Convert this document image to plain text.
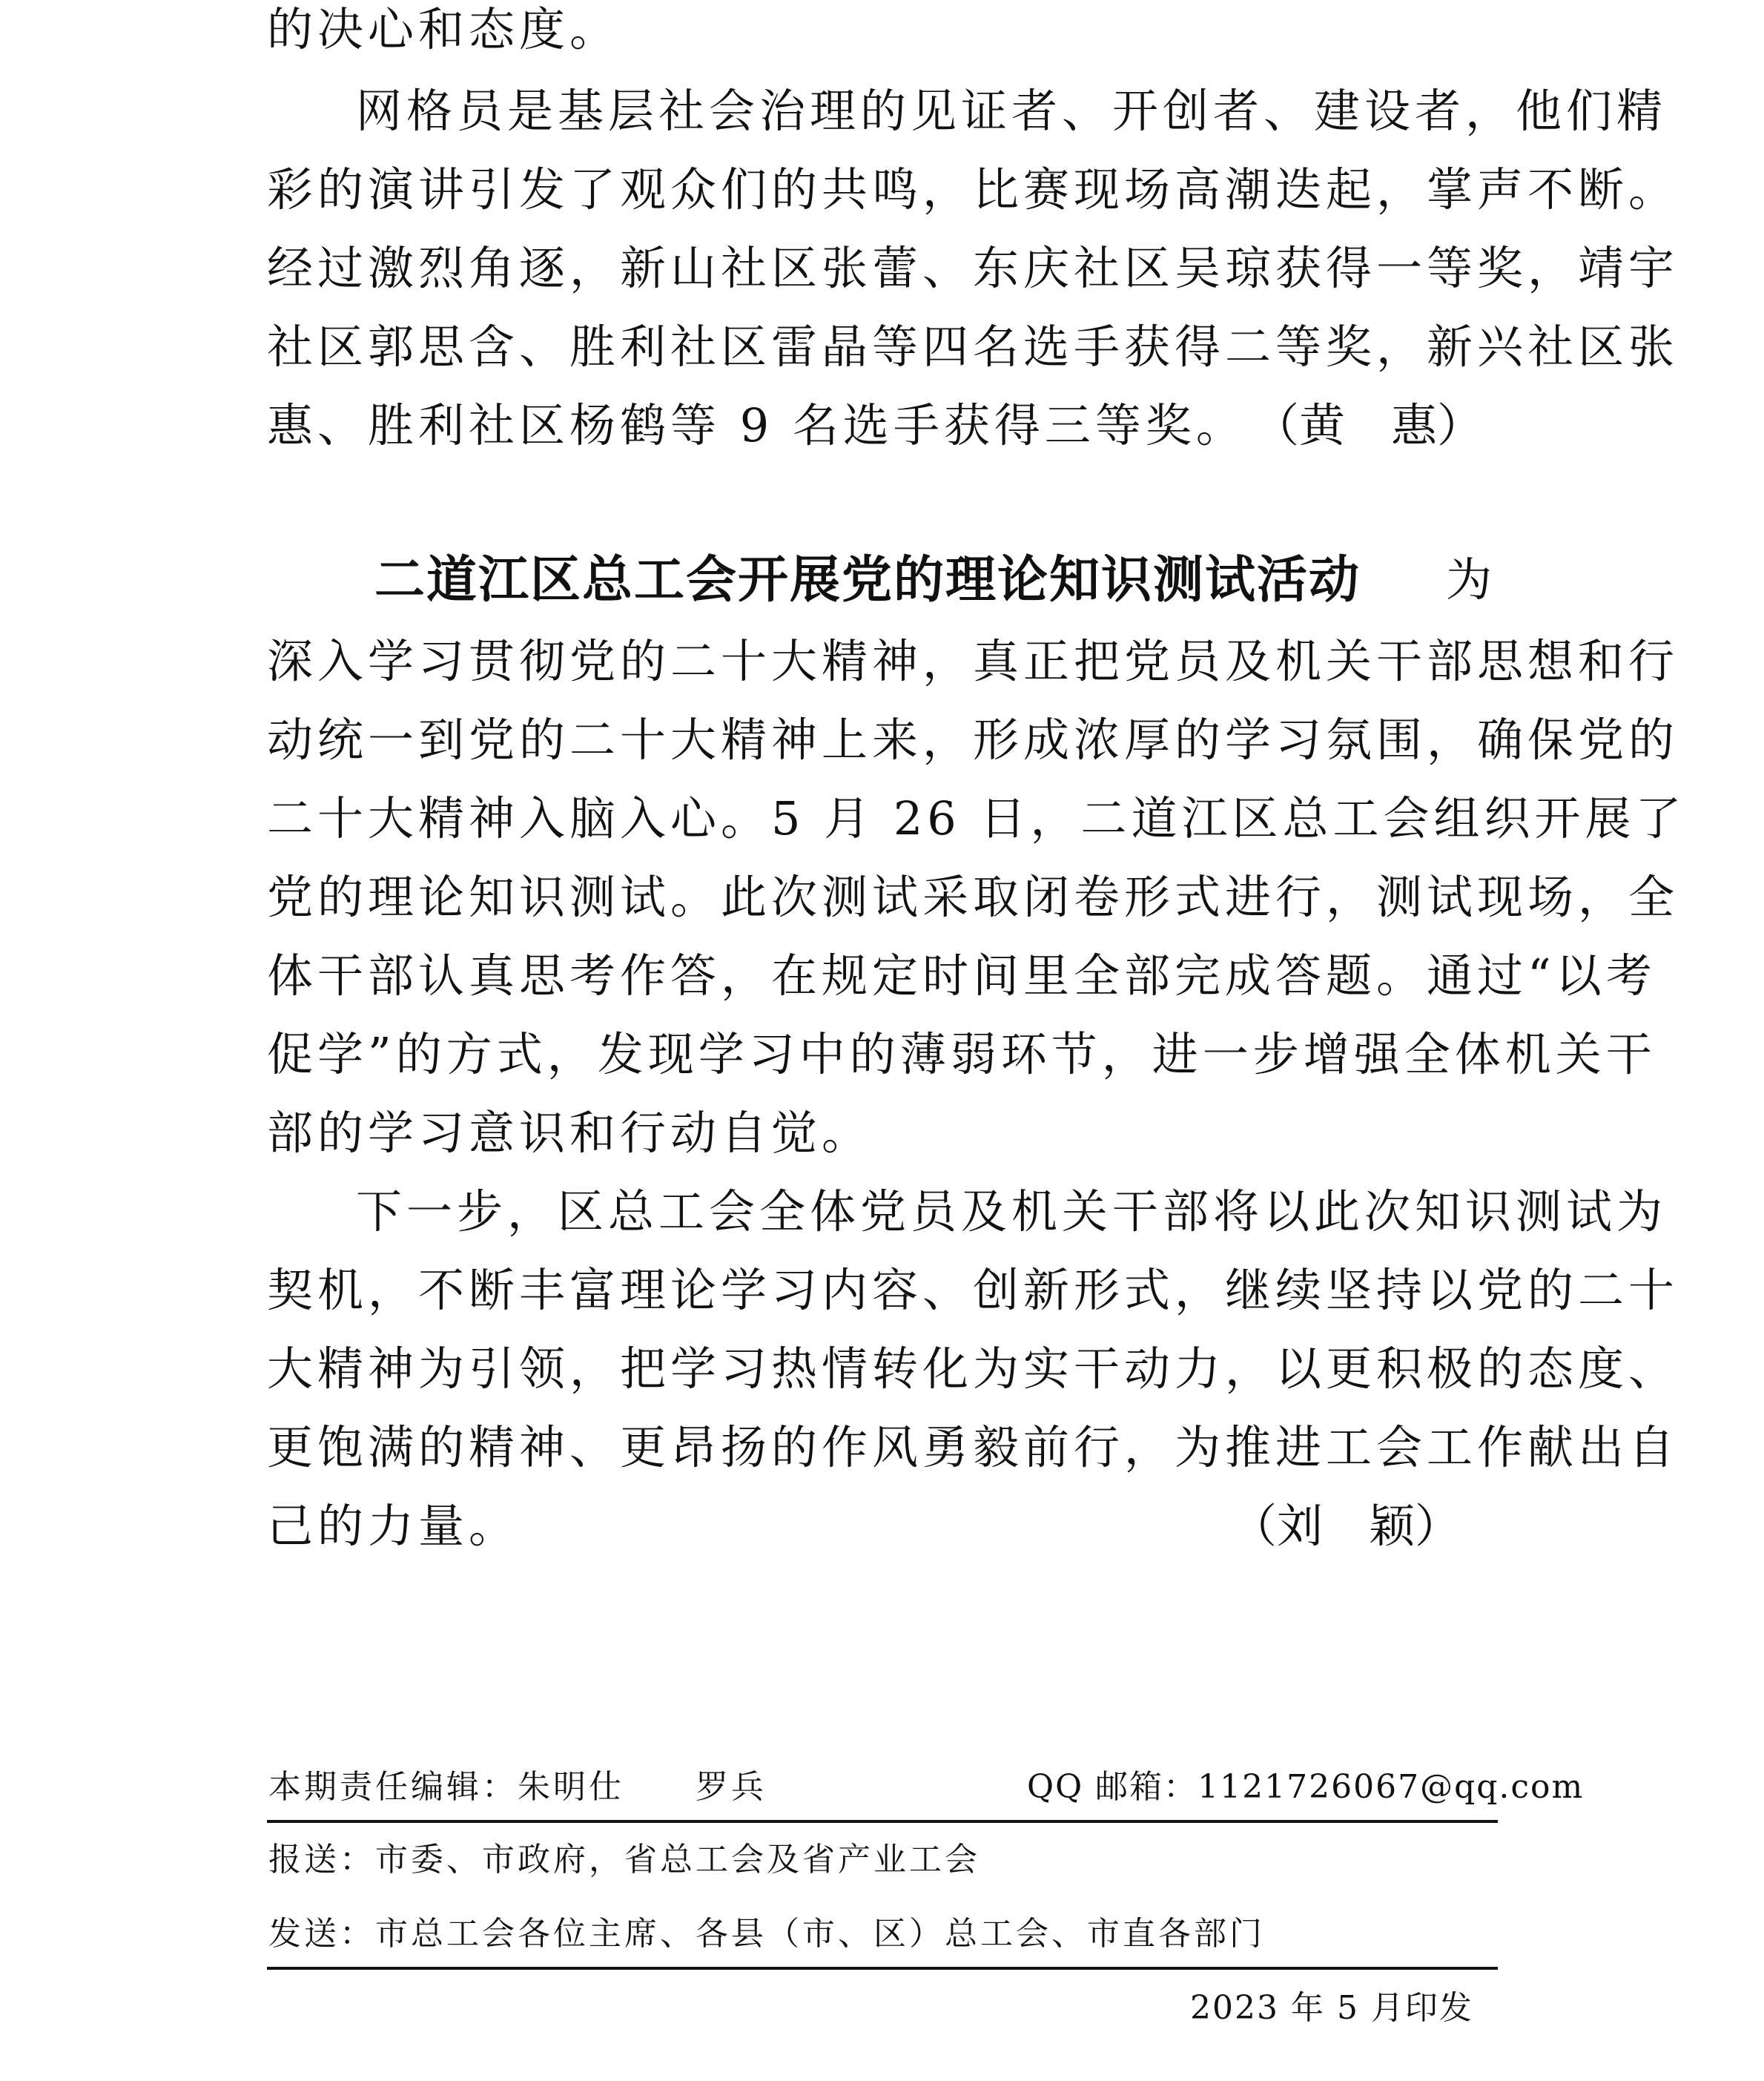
的决心和态度。
网格员是基层社会治理的见证者、开创者、建设者，他们精
彩的演讲引发了观众们的共鸣，比赛现场高潮迭起，掌声不断。
经过激烈角逐，新山社区张蕾、东庆社区吴琼获得一等奖，靖宇
社区郭思含、胜利社区雷晶等四名选手获得二等奖，新兴社区张
惠、胜利社区杨鹤等 9 名选手获得三等奖。 （黄　惠）
二道江区总工会开展党的理论知识测试活动 为
深入学习贯彻党的二十大精神，真正把党员及机关干部思想和行
动统一到党的二十大精神上来，形成浓厚的学习氛围，确保党的
二十大精神入脑入心。5 月 26 日，二道江区总工会组织开展了
党的理论知识测试。此次测试采取闭卷形式进行，测试现场，全
体干部认真思考作答，在规定时间里全部完成答题。通过“以考
促学”的方式，发现学习中的薄弱环节，进一步增强全体机关干
部的学习意识和行动自觉。
下一步，区总工会全体党员及机关干部将以此次知识测试为
契机，不断丰富理论学习内容、创新形式，继续坚持以党的二十
大精神为引领，把学习热情转化为实干动力，以更积极的态度、
更饱满的精神、更昂扬的作风勇毅前行，为推进工会工作献出自
己的力量。	（刘　颖）
本期责任编辑：朱明仕　　罗兵	QQ 邮箱：1121726067@qq.com
报送：市委、市政府，省总工会及省产业工会
发送：市总工会各位主席、各县（市、区）总工会、市直各部门
2023 年 5 月印发
